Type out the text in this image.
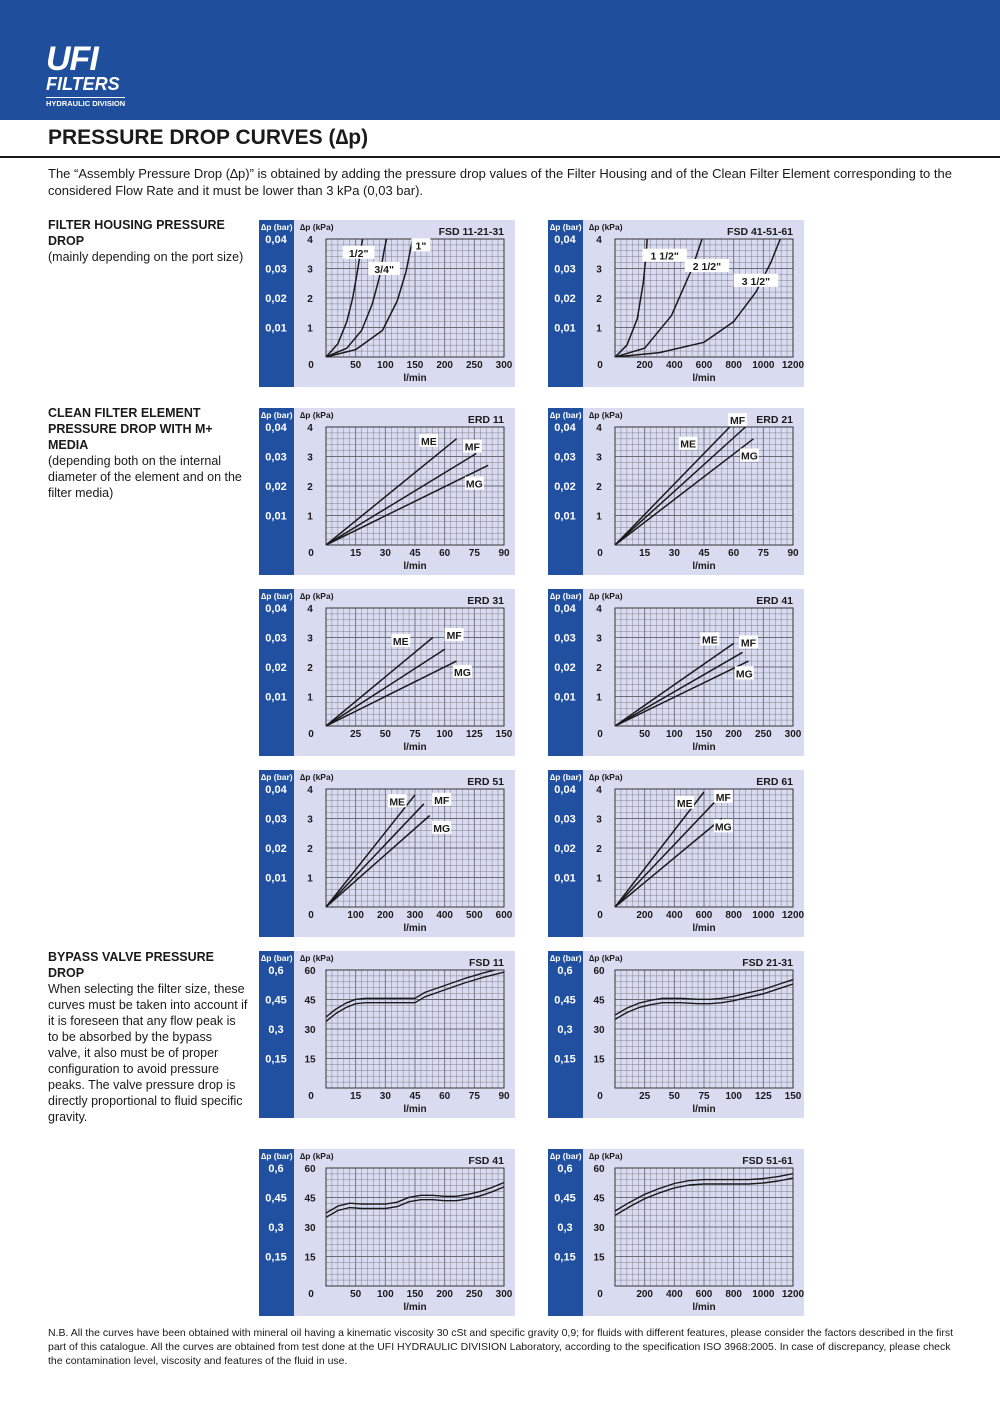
UFI
FILTERS
HYDRAULIC DIVISION
PRESSURE DROP CURVES (∆p)

The “Assembly Pressure Drop (∆p)” is obtained by adding the pressure drop values of the Filter Housing and of the Clean Filter Element corresponding to the considered Flow Rate and it must be lower than 3 kPa (0,03 bar).

FILTER HOUSING PRESSURE DROP
(mainly depending on the port size)
CLEAN FILTER ELEMENT PRESSURE DROP WITH M+ MEDIA
(depending both on the internal diameter of the element and on the filter media)
BYPASS VALVE PRESSURE DROP
When selecting the filter size, these curves must be taken into account if it is foreseen that any flow peak is to be absorbed by the bypass valve, it also must be of proper configuration to avoid pressure peaks. The valve pressure drop is directly proportional to fluid specific gravity.
∆p (bar) ∆p (kPa)	FSD 11-21-31
1
2
3
4
0,01
0,02
0,03
0,04
0	50 100 150 200 250 300
l/min
1/2"
3/4"
1"
∆p (bar) ∆p (kPa)	FSD 41-51-61
1
2
3
4
0,01
0,02
0,03
0,04
0	200 400 600 800 1000 1200
l/min
1 1/2"
2 1/2"
3 1/2"
∆p (bar) ∆p (kPa)	ERD 11
1
2
3
4
0,01
0,02
0,03
0,04
0	15 30 45 60 75 90
l/min
ME	MF
MG
∆p (bar) ∆p (kPa)	ERD 21
1
2
3
4
0,01
0,02
0,03
0,04
0	15 30 45 60 75 90
l/min
ME
MF
MG
∆p (bar) ∆p (kPa)	ERD 31
1
2
3
4
0,01
0,02
0,03
0,04
0	25 50 75 100 125 150
l/min
ME	MF
MG
∆p (bar) ∆p (kPa)	ERD 41
1
2
3
4
0,01
0,02
0,03
0,04
0	50 100 150 200 250 300
l/min
ME MF
MG
∆p (bar) ∆p (kPa)	ERD 51
1
2
3
4
0,01
0,02
0,03
0,04
0	100 200 300 400 500 600
l/min
ME	MF
MG
∆p (bar) ∆p (kPa)	ERD 61
1
2
3
4
0,01
0,02
0,03
0,04
0	200 400 600 800 1000 1200
l/min
ME MF
MG
∆p (bar) ∆p (kPa)	FSD 11
15
30
45
60
0,15
0,3
0,45
0,6
0	15 30 45 60 75 90
l/min
∆p (bar) ∆p (kPa)	FSD 21-31
15
30
45
60
0,15
0,3
0,45
0,6
0	25 50 75 100 125 150
l/min
∆p (bar) ∆p (kPa)	FSD 41
15
30
45
60
0,15
0,3
0,45
0,6
0	50 100 150 200 250 300
l/min
∆p (bar) ∆p (kPa)	FSD 51-61
15
30
45
60
0,15
0,3
0,45
0,6
0	200 400 600 800 1000 1200
l/min

N.B. All the curves have been obtained with mineral oil having a kinematic viscosity 30 cSt and specific gravity 0,9; for fluids with different features, please consider the factors described in the first part of this catalogue. All the curves are obtained from test done at the UFI HYDRAULIC DIVISION Laboratory, according to the specification ISO 3968:2005. In case of discrepancy, please check the contamination level, viscosity and features of the fluid in use.
